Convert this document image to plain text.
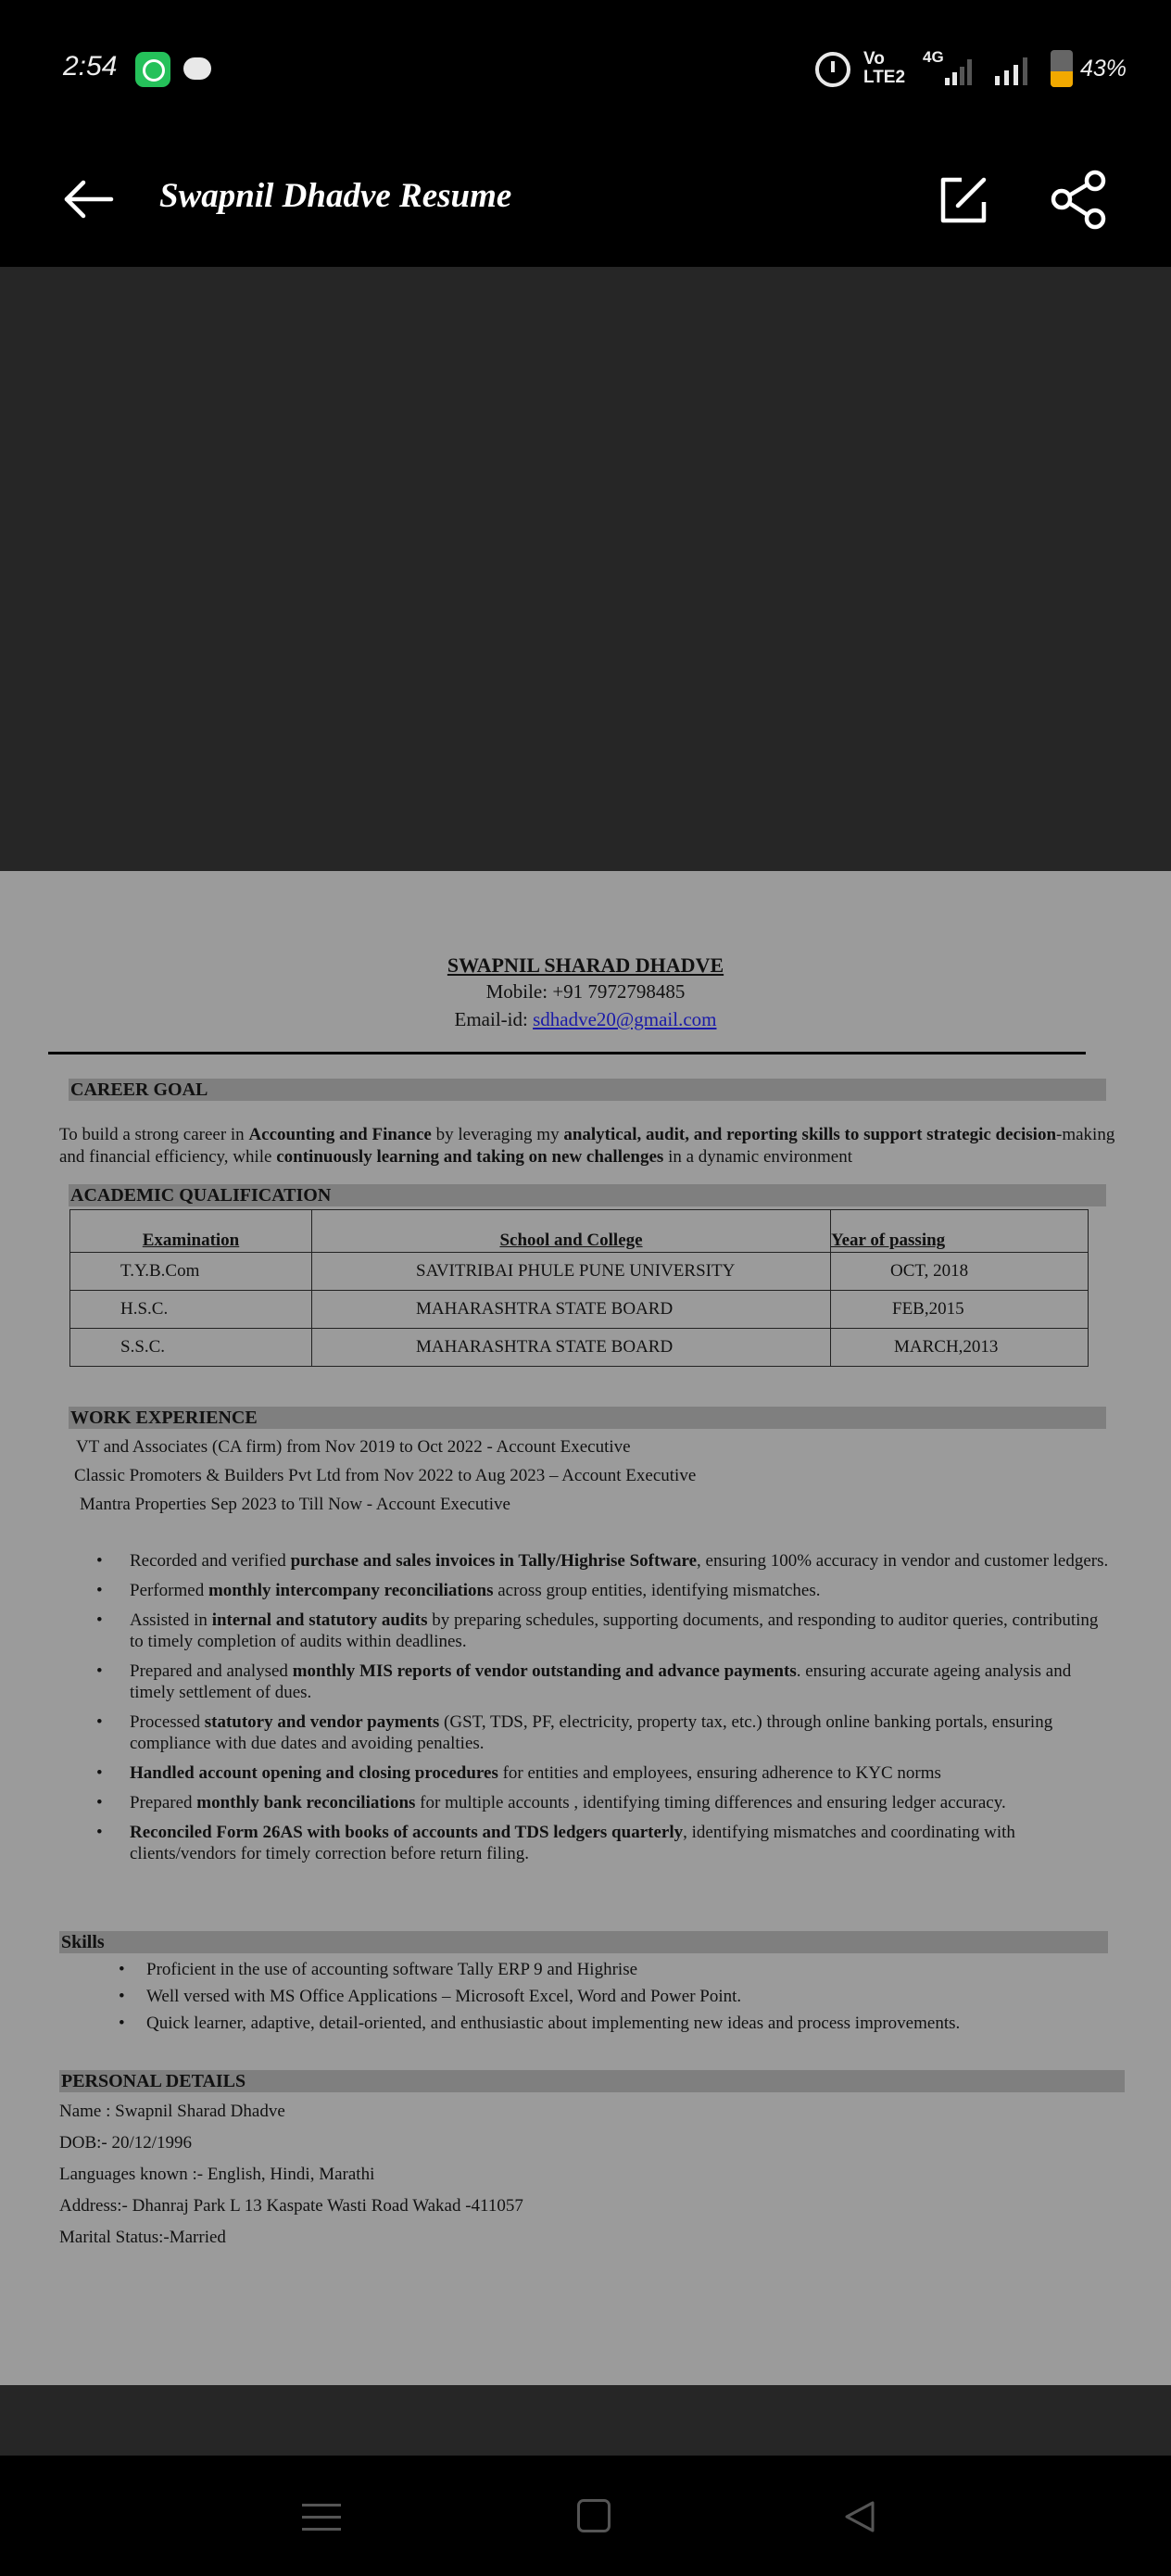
2:54	Vo
LTE2
4G	43%
Swapnil Dhadve Resume
SWAPNIL SHARAD DHADVE
Mobile: +91 7972798485
Email-id: sdhadve20@gmail.com
CAREER GOAL
To build a strong career in Accounting and Finance by leveraging my analytical, audit, and reporting skills to support strategic decision-making and financial efficiency, while continuously learning and taking on new challenges in a dynamic environment
ACADEMIC QUALIFICATION
Examination	School and College	Year of passing
T.Y.B.Com	SAVITRIBAI PHULE PUNE UNIVERSITY	OCT, 2018
H.S.C.	MAHARASHTRA STATE BOARD	FEB,2015
S.S.C.	MAHARASHTRA STATE BOARD	MARCH,2013
WORK EXPERIENCE
VT and Associates (CA firm) from Nov 2019 to Oct 2022 - Account Executive
Classic Promoters & Builders Pvt Ltd from Nov 2022 to Aug 2023 – Account Executive
Mantra Properties Sep 2023 to Till Now - Account Executive
• Recorded and verified purchase and sales invoices in Tally/Highrise Software, ensuring 100% accuracy in vendor and customer ledgers.
• Performed monthly intercompany reconciliations across group entities, identifying mismatches.
• Assisted in internal and statutory audits by preparing schedules, supporting documents, and responding to auditor queries, contributing to timely completion of audits within deadlines.
• Prepared and analysed monthly MIS reports of vendor outstanding and advance payments. ensuring accurate ageing analysis and timely settlement of dues.
• Processed statutory and vendor payments (GST, TDS, PF, electricity, property tax, etc.) through online banking portals, ensuring compliance with due dates and avoiding penalties.
• Handled account opening and closing procedures for entities and employees, ensuring adherence to KYC norms
• Prepared monthly bank reconciliations for multiple accounts , identifying timing differences and ensuring ledger accuracy.
• Reconciled Form 26AS with books of accounts and TDS ledgers quarterly, identifying mismatches and coordinating with clients/vendors for timely correction before return filing.
Skills
• Proficient in the use of accounting software Tally ERP 9 and Highrise
• Well versed with MS Office Applications – Microsoft Excel, Word and Power Point.
• Quick learner, adaptive, detail-oriented, and enthusiastic about implementing new ideas and process improvements.
PERSONAL DETAILS
Name : Swapnil Sharad Dhadve
DOB:- 20/12/1996
Languages known :- English, Hindi, Marathi
Address:- Dhanraj Park L 13 Kaspate Wasti Road Wakad -411057
Marital Status:-Married
